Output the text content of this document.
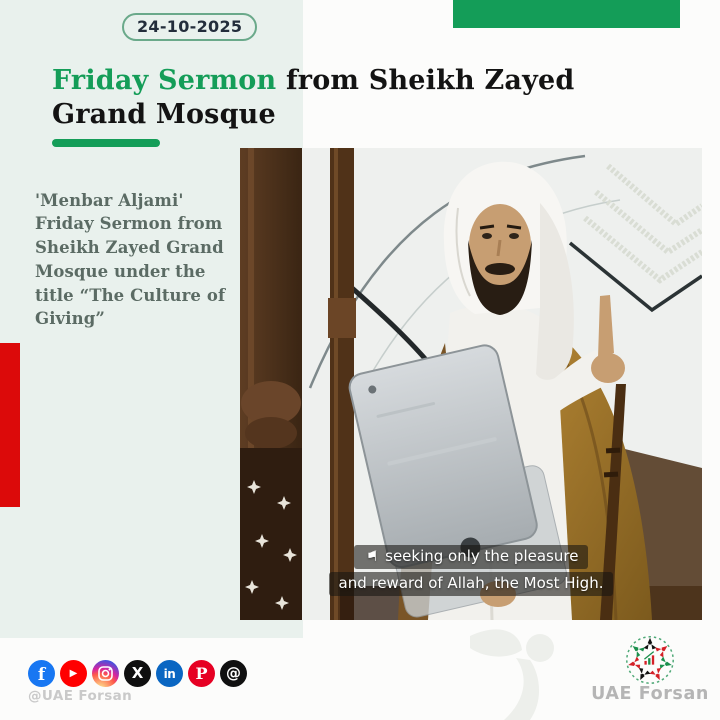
24-10-2025
Friday Sermon from Sheikh Zayed Grand Mosque

'Menbar Aljami' Friday Sermon from Sheikh Zayed Grand Mosque under the title “The Culture of Giving”

⚑ seeking only the pleasure
and reward of Allah, the Most High.
f	▶	X	in	P	@
@UAE Forsan	UAE Forsan
